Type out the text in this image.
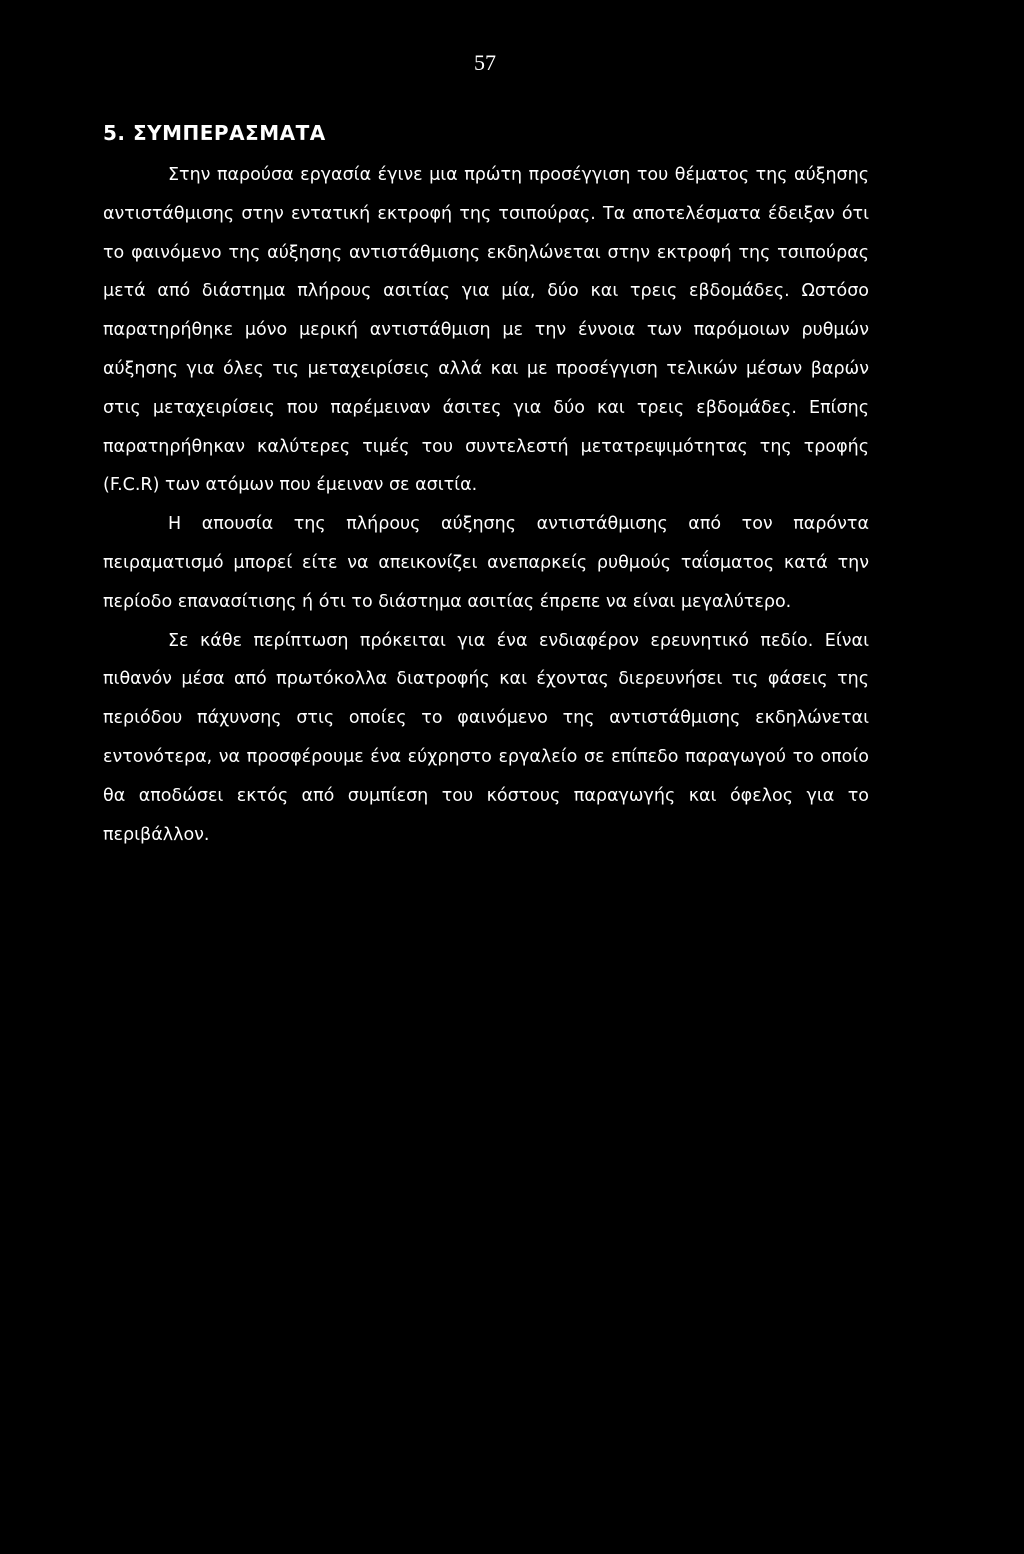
57
5. ΣΥΜΠΕΡΑΣΜΑΤΑ

Στην παρούσα εργασία έγινε μια πρώτη προσέγγιση του θέματος της αύξησης αντιστάθμισης στην εντατική εκτροφή της τσιπούρας. Τα αποτελέσματα έδειξαν ότι το φαινόμενο της αύξησης αντιστάθμισης εκδηλώνεται στην εκτροφή της τσιπούρας μετά από διάστημα πλήρους ασιτίας για μία, δύο και τρεις εβδομάδες. Ωστόσο παρατηρήθηκε μόνο μερική αντιστάθμιση με την έννοια των παρόμοιων ρυθμών αύξησης για όλες τις μεταχειρίσεις αλλά και με προσέγγιση τελικών μέσων βαρών στις μεταχειρίσεις που παρέμειναν άσιτες για δύο και τρεις εβδομάδες. Επίσης παρατηρήθηκαν καλύτερες τιμές του συντελεστή μετατρεψιμότητας της τροφής (F.C.R) των ατόμων που έμειναν σε ασιτία.

Η απουσία της πλήρους αύξησης αντιστάθμισης από τον παρόντα πειραματισμό μπορεί είτε να απεικονίζει ανεπαρκείς ρυθμούς ταΐσματος κατά την περίοδο επανασίτισης ή ότι το διάστημα ασιτίας έπρεπε να είναι μεγαλύτερο.

Σε κάθε περίπτωση πρόκειται για ένα ενδιαφέρον ερευνητικό πεδίο. Είναι πιθανόν μέσα από πρωτόκολλα διατροφής και έχοντας διερευνήσει τις φάσεις της περιόδου πάχυνσης στις οποίες το φαινόμενο της αντιστάθμισης εκδηλώνεται εντονότερα, να προσφέρουμε ένα εύχρηστο εργαλείο σε επίπεδο παραγωγού το οποίο θα αποδώσει εκτός από συμπίεση του κόστους παραγωγής και όφελος για το περιβάλλον.
